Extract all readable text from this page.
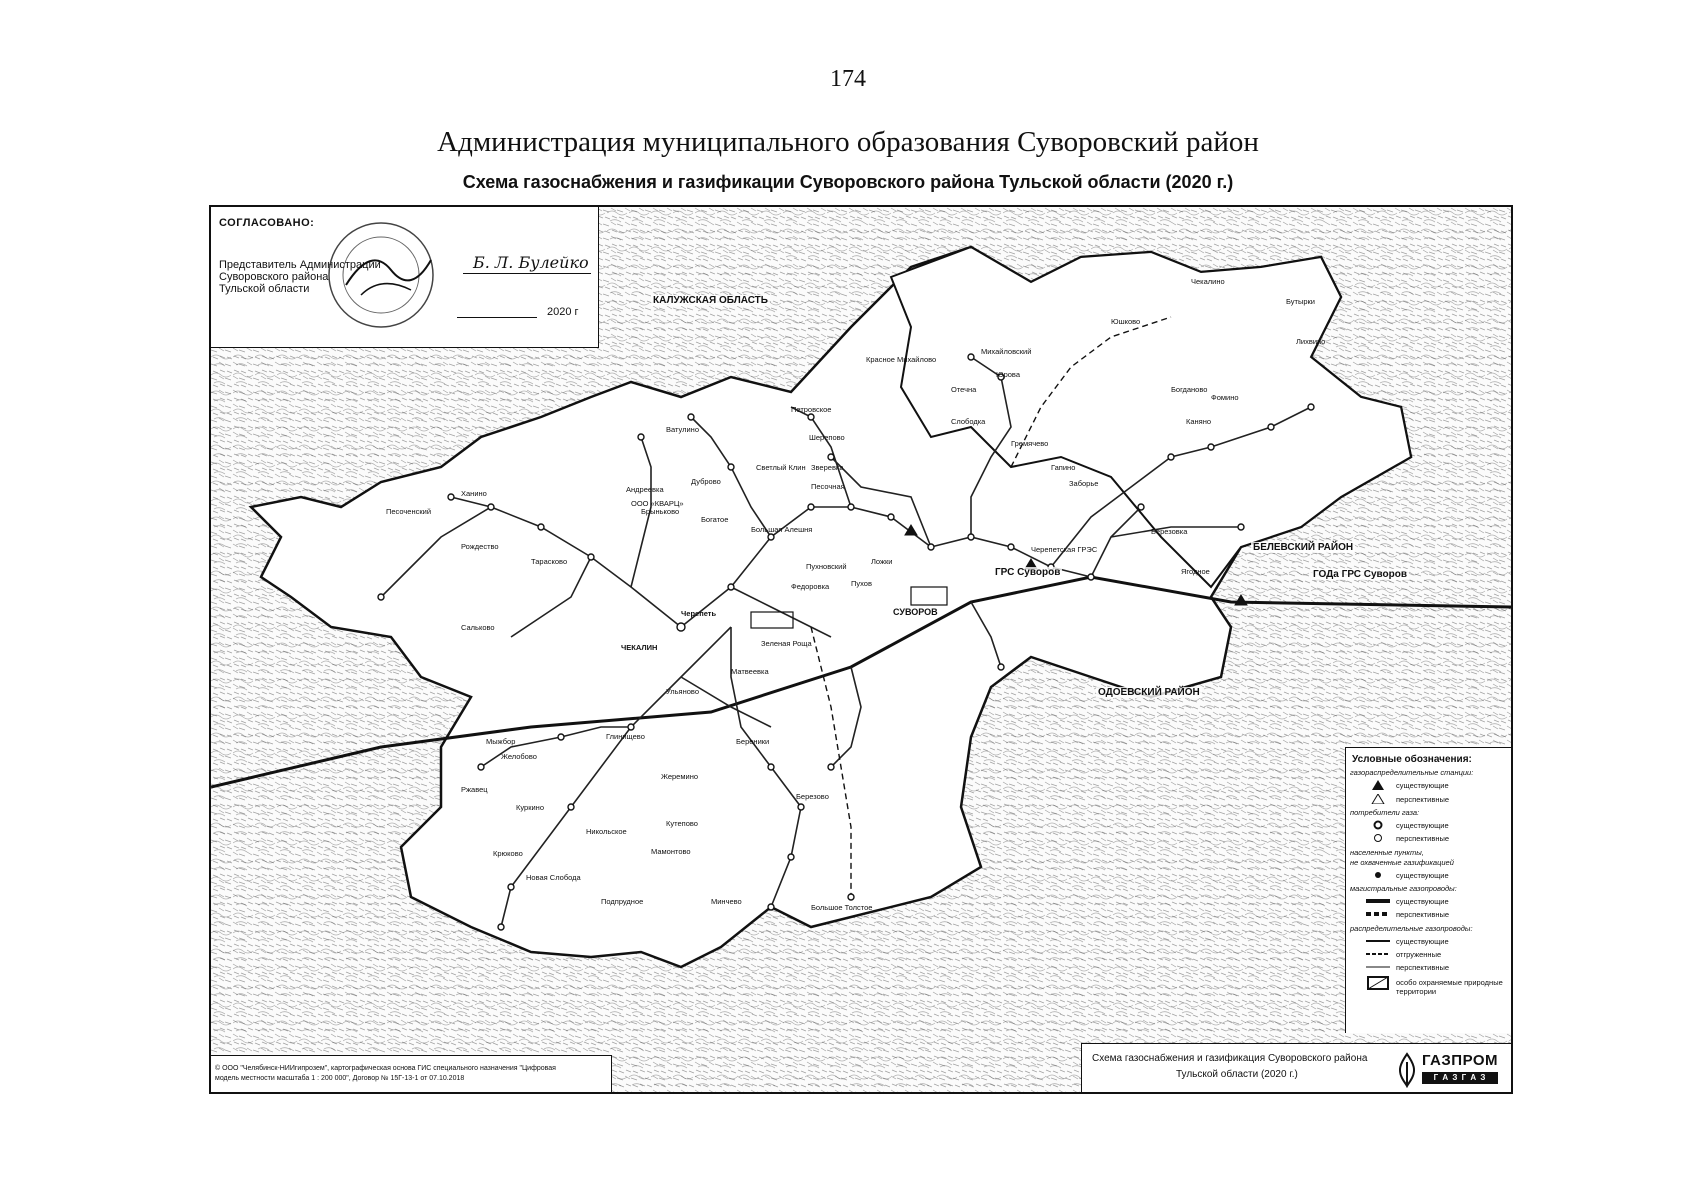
174
Администрация муниципального образования Суворовский район
Схема газоснабжения и газификации Суворовского района Тульской области (2020 г.)
СОГЛАСОВАНО:
Представитель Администрации
Суворовского района
Тульской области
Б. Л. Булейко
2020 г
КАЛУЖСКАЯ ОБЛАСТЬ
БЕЛЕВСКИЙ РАЙОН
ОДОЕВСКИЙ РАЙОН
ГРС Суворов	ГОДа ГРС Суворов
Черепетская ГРЭС
Чекалино
Красное Михайлово
Михайловский
Юрова
Отечна
Слободка
Петровское
Шерепово
Ватулино
Светлый Клин Зверевка
Песочная
Дуброво
Андреевка
ООО «КВАРЦ»
Брыньково
Богатое
Большая Алешня
Черепеть
Пухновский
Пухов
СУВОРОВ
ЧЕКАЛИН
Песоченский
Ханино
Рождество
Тарасково
Сальково
Зеленая Роща
Матвеевка
Береники
Глинищево
Жеремино
Березово
Куркино
Мамонтово
Никольское
Ржавец
Крюково
Новая Слобода
Подпрудное	Минчево
Большое Толстое
Желобово
Богданово
Юшково
Каняно
Лихвино
Бутырки
Фомино
Гремячево
Гапино
Заборье
Ложки
Федоровка
Ягодное
Мыжбор
Кутепово
Ульяново
Березовка
Условные обозначения:
газораспределительные станции:
существующие
перспективные
потребители газа:
существующие
перспективные
населенные пункты,
не охваченные газификацией
существующие
магистральные газопроводы:
существующие
перспективные
распределительные газопроводы:
существующие
отгруженные
перспективные
особо охраняемые природные территории
© ООО "Челябинск-НИИгипрозем", картографическая основа ГИС специального назначения "Цифровая
модель местности масштаба 1 : 200 000", Договор № 15Г-13-1 от 07.10.2018
Схема газоснабжения и газификация Суворовского района
Тульской области (2020 г.)
ГАЗПРОМ
Г А З Г А З
